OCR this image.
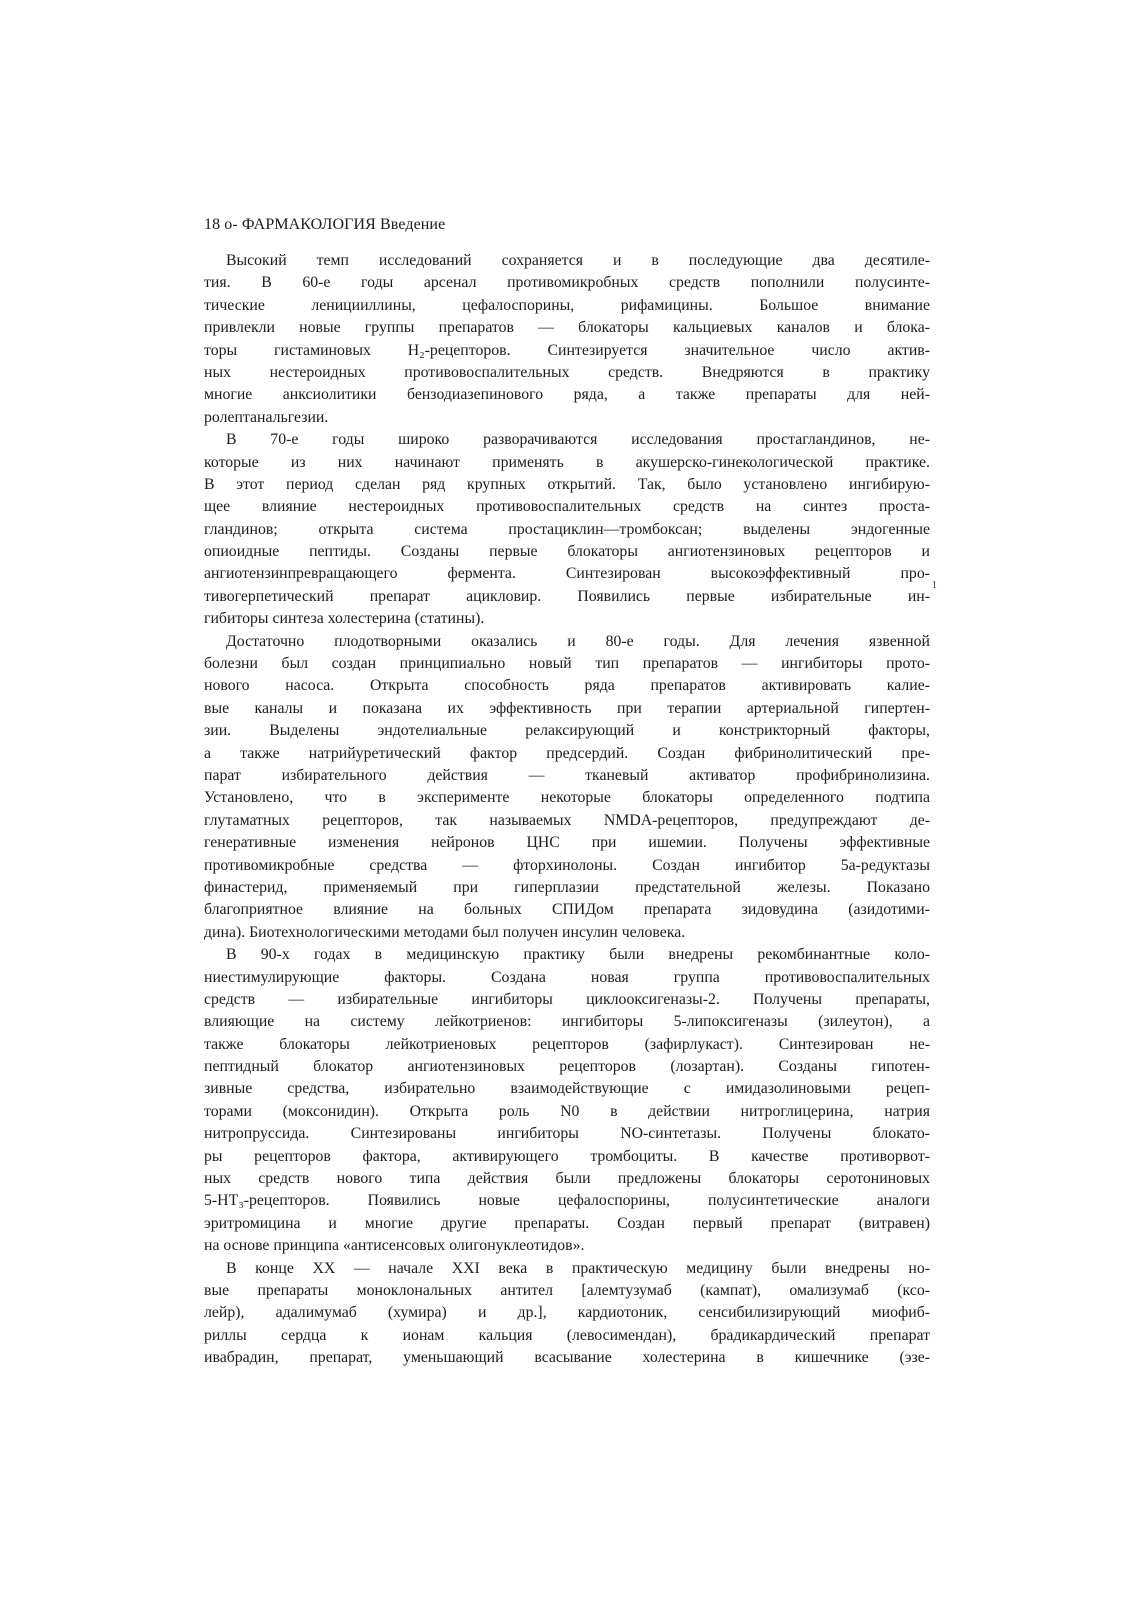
18 о- ФАРМАКОЛОГИЯ Введение
Высокий темп исследований сохраняется и в последующие два десятиле-
тия. В 60-е годы арсенал противомикробных средств пополнили полусинте-
тические леницииллины, цефалоспорины, рифамицины. Большое внимание
привлекли новые группы препаратов — блокаторы кальциевых каналов и блока-
торы гистаминовых H₂-рецепторов. Синтезируется значительное число актив-
ных нестероидных противовоспалительных средств. Внедряются в практику
многие анксиолитики бензодиазепинового ряда, а также препараты для ней-
ролептанальгезии.
В 70-е годы широко разворачиваются исследования простагландинов, не-
которые из них начинают применять в акушерско-гинекологической практике.
В этот период сделан ряд крупных открытий. Так, было установлено ингибирую-
щее влияние нестероидных противовоспалительных средств на синтез проста-
гландинов; открыта система простациклин—тромбоксан; выделены эндогенные
опиоидные пептиды. Созданы первые блокаторы ангиотензиновых рецепторов и
ангиотензинпревращающего фермента. Синтезирован высокоэффективный про-
тивогерпетический препарат ацикловир. Появились первые избирательные ин-
гибиторы синтеза холестерина (статины).
Достаточно плодотворными оказались и 80-е годы. Для лечения язвенной
болезни был создан принципиально новый тип препаратов — ингибиторы прото-
нового насоса. Открыта способность ряда препаратов активировать калие-
вые каналы и показана их эффективность при терапии артериальной гипертен-
зии. Выделены эндотелиальные релаксирующий и констрикторный факторы,
а также натрийуретический фактор предсердий. Создан фибринолитический пре-
парат избирательного действия — тканевый активатор профибринолизина.
Установлено, что в эксперименте некоторые блокаторы определенного подтипа
глутаматных рецепторов, так называемых NMDA-рецепторов, предупреждают де-
генеративные изменения нейронов ЦНС при ишемии. Получены эффективные
противомикробные средства — фторхинолоны. Создан ингибитор 5а-редуктазы
финастерид, применяемый при гиперплазии предстательной железы. Показано
благоприятное влияние на больных СПИДом препарата зидовудина (азидотими-
дина). Биотехнологическими методами был получен инсулин человека.
В 90-х годах в медицинскую практику были внедрены рекомбинантные коло-
ниестимулирующие факторы. Создана новая группа противовоспалительных
средств — избирательные ингибиторы циклооксигеназы-2. Получены препараты,
влияющие на систему лейкотриенов: ингибиторы 5-липоксигеназы (зилеутон), а
также блокаторы лейкотриеновых рецепторов (зафирлукаст). Синтезирован не-
пептидный блокатор ангиотензиновых рецепторов (лозартан). Созданы гипотен-
зивные средства, избирательно взаимодействующие с имидазолиновыми рецеп-
торами (моксонидин). Открыта роль N0 в действии нитроглицерина, натрия
нитропруссида. Синтезированы ингибиторы NO-синтетазы. Получены блокато-
ры рецепторов фактора, активирующего тромбоциты. В качестве противорвот-
ных средств нового типа действия были предложены блокаторы серотониновых
5-HT₃-рецепторов. Появились новые цефалоспорины, полусинтетические аналоги
эритромицина и многие другие препараты. Создан первый препарат (витравен)
на основе принципа «антисенсовых олигонуклеотидов».
В конце XX — начале XXI века в практическую медицину были внедрены но-
вые препараты моноклональных антител [алемтузумаб (кампат), омализумаб (ксо-
лейр), адалимумаб (хумира) и др.], кардиотоник, сенсибилизирующий миофиб-
риллы сердца к ионам кальция (левосимендан), брадикардический препарат
ивабрадин, препарат, уменьшающий всасывание холестерина в кишечнике (эзе-
1
